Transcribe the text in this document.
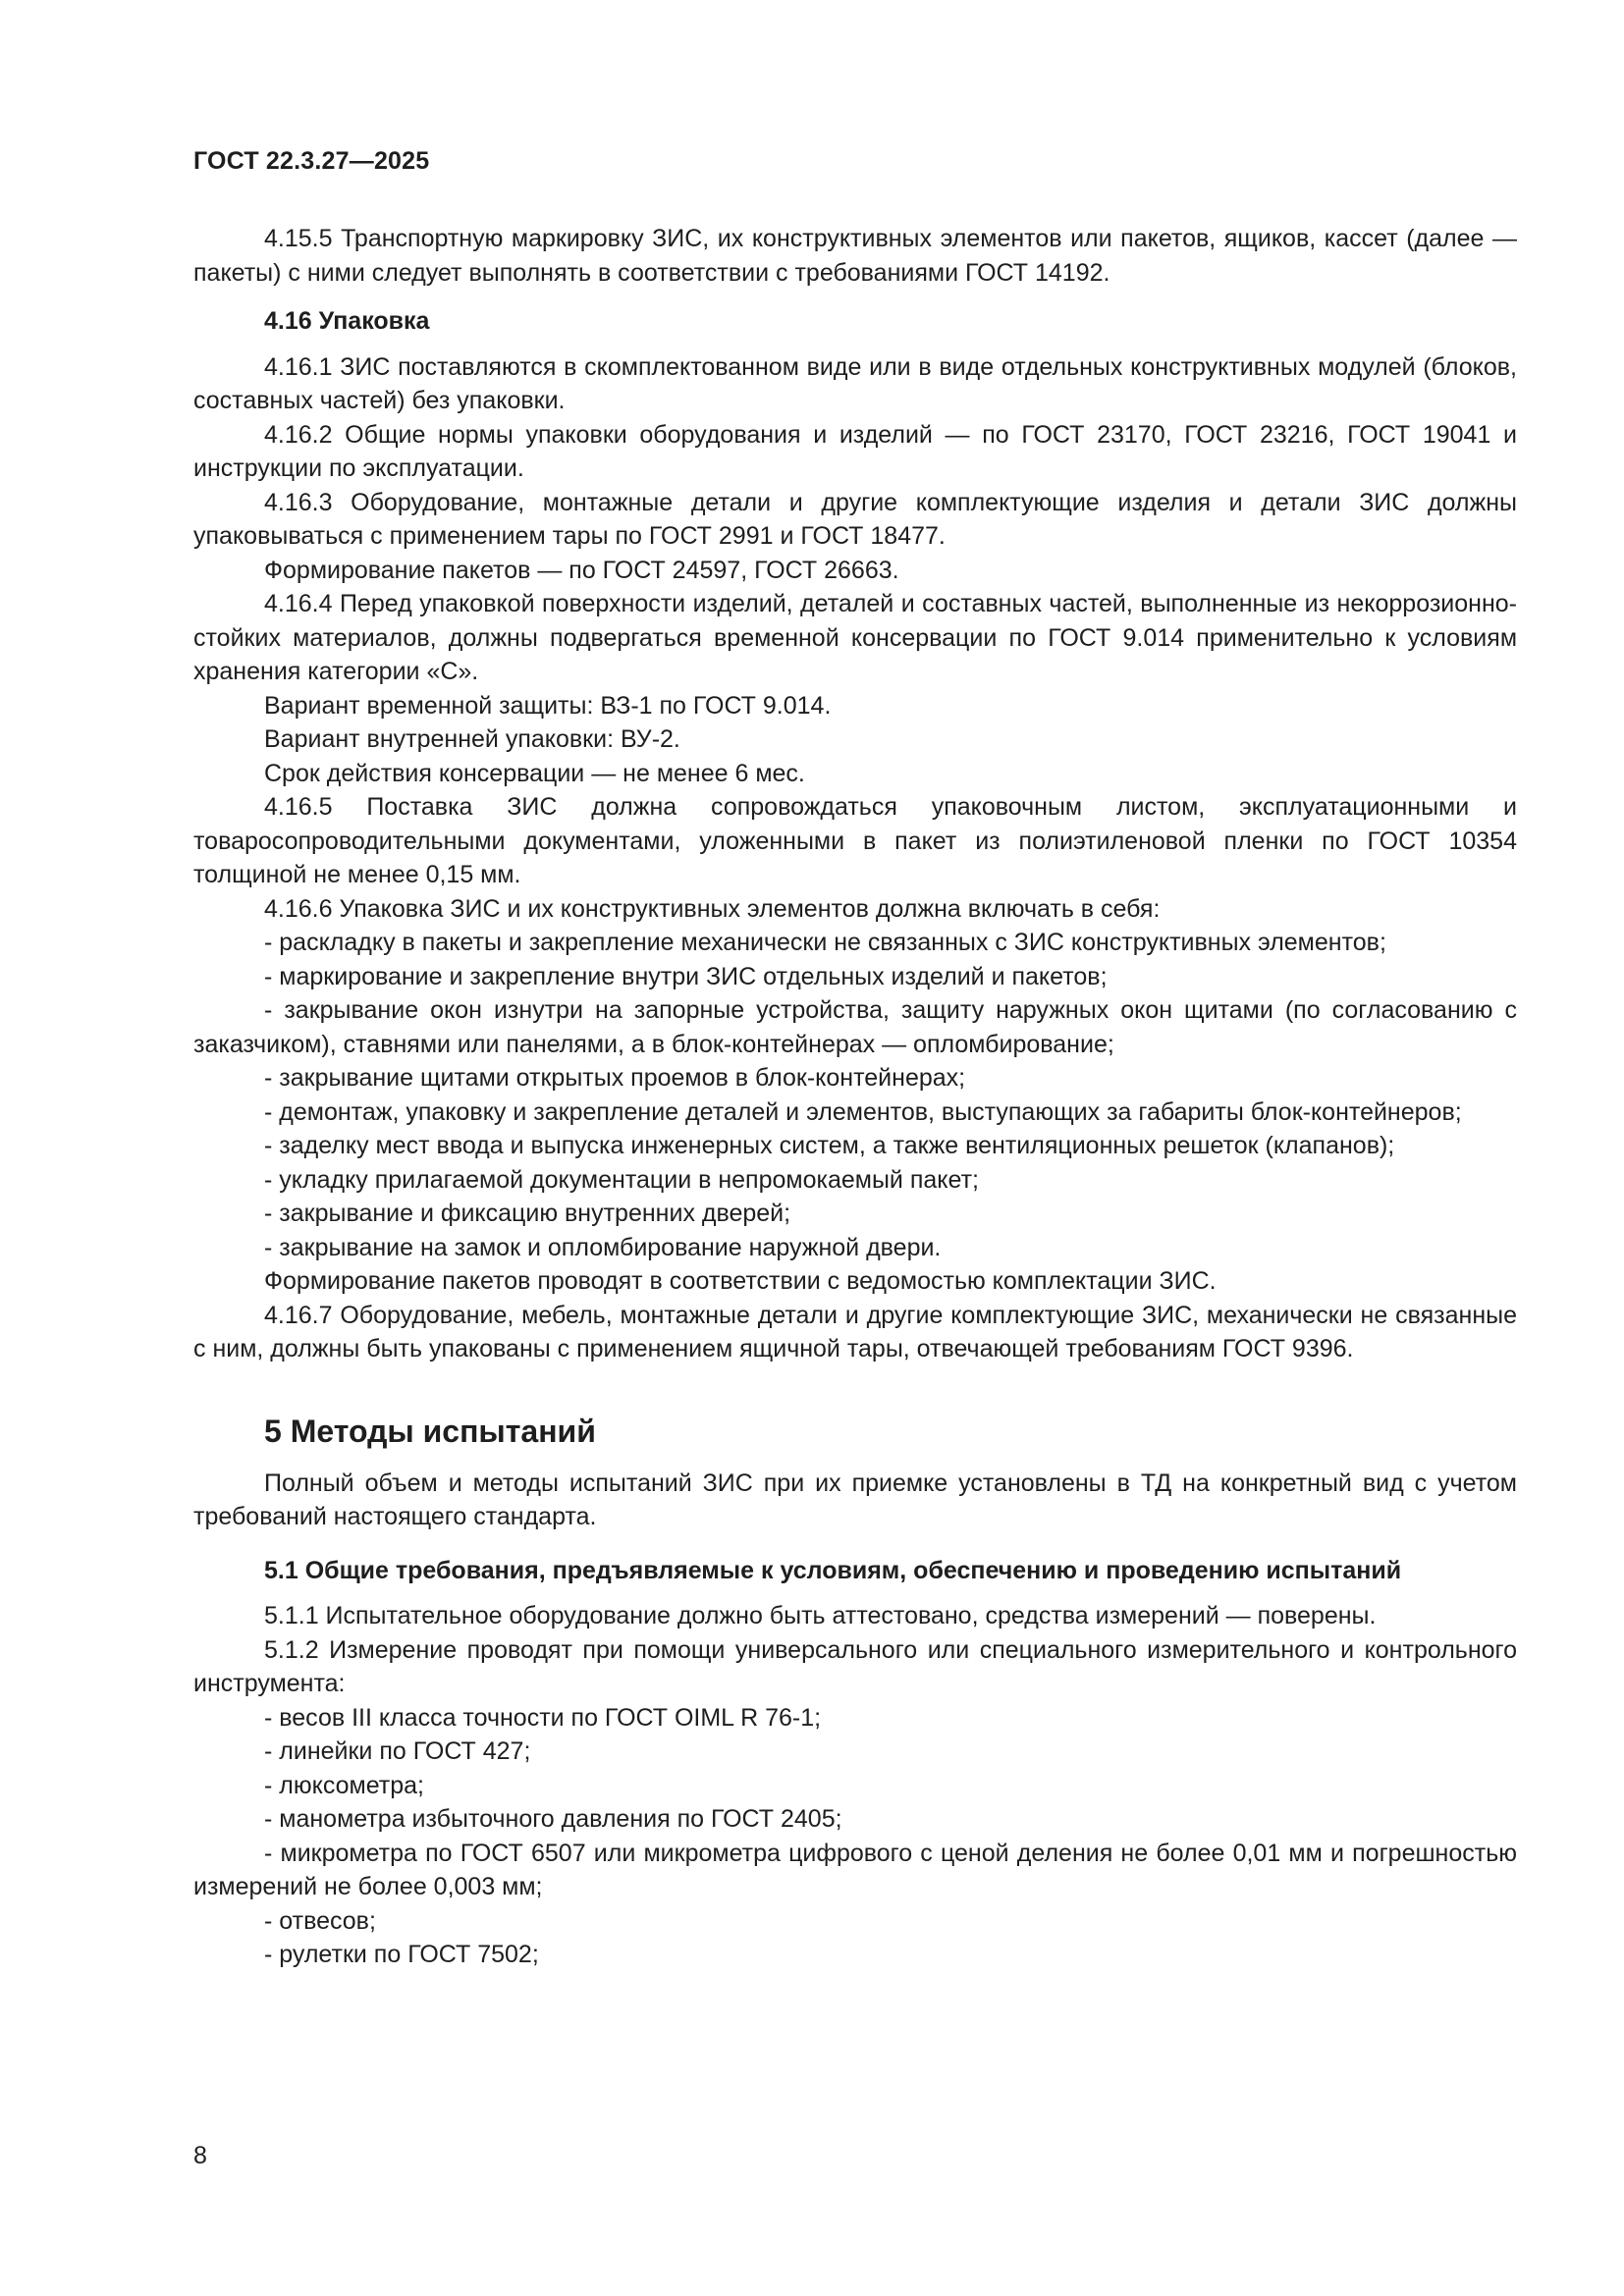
ГОСТ 22.3.27—2025

4.15.5 Транспортную маркировку ЗИС, их конструктивных элементов или пакетов, ящиков, кассет (далее — пакеты) с ними следует выполнять в соответствии с требованиями ГОСТ 14192.

4.16 Упаковка

4.16.1 ЗИС поставляются в скомплектованном виде или в виде отдельных конструктивных модулей (блоков, составных частей) без упаковки.

4.16.2 Общие нормы упаковки оборудования и изделий — по ГОСТ 23170, ГОСТ 23216, ГОСТ 19041 и инструкции по эксплуатации.

4.16.3 Оборудование, монтажные детали и другие комплектующие изделия и детали ЗИС должны упаковываться с применением тары по ГОСТ 2991 и ГОСТ 18477.

Формирование пакетов — по ГОСТ 24597, ГОСТ 26663.

4.16.4 Перед упаковкой поверхности изделий, деталей и составных частей, выполненные из некоррозионно-стойких материалов, должны подвергаться временной консервации по ГОСТ 9.014 применительно к условиям хранения категории «С».

Вариант временной защиты: ВЗ-1 по ГОСТ 9.014.

Вариант внутренней упаковки: ВУ-2.

Срок действия консервации — не менее 6 мес.

4.16.5 Поставка ЗИС должна сопровождаться упаковочным листом, эксплуатационными и товаросопроводительными документами, уложенными в пакет из полиэтиленовой пленки по ГОСТ 10354 толщиной не менее 0,15 мм.

4.16.6 Упаковка ЗИС и их конструктивных элементов должна включать в себя:

- раскладку в пакеты и закрепление механически не связанных с ЗИС конструктивных элементов;

- маркирование и закрепление внутри ЗИС отдельных изделий и пакетов;

- закрывание окон изнутри на запорные устройства, защиту наружных окон щитами (по согласованию с заказчиком), ставнями или панелями, а в блок-контейнерах — опломбирование;

- закрывание щитами открытых проемов в блок-контейнерах;

- демонтаж, упаковку и закрепление деталей и элементов, выступающих за габариты блок-контейнеров;

- заделку мест ввода и выпуска инженерных систем, а также вентиляционных решеток (клапанов);

- укладку прилагаемой документации в непромокаемый пакет;

- закрывание и фиксацию внутренних дверей;

- закрывание на замок и опломбирование наружной двери.

Формирование пакетов проводят в соответствии с ведомостью комплектации ЗИС.

4.16.7 Оборудование, мебель, монтажные детали и другие комплектующие ЗИС, механически не связанные с ним, должны быть упакованы с применением ящичной тары, отвечающей требованиям ГОСТ 9396.

5 Методы испытаний

Полный объем и методы испытаний ЗИС при их приемке установлены в ТД на конкретный вид с учетом требований настоящего стандарта.

5.1 Общие требования, предъявляемые к условиям, обеспечению и проведению испытаний

5.1.1 Испытательное оборудование должно быть аттестовано, средства измерений — поверены.

5.1.2 Измерение проводят при помощи универсального или специального измерительного и контрольного инструмента:

- весов III класса точности по ГОСТ OIML R 76-1;

- линейки по ГОСТ 427;

- люксометра;

- манометра избыточного давления по ГОСТ 2405;

- микрометра по ГОСТ 6507 или микрометра цифрового с ценой деления не более 0,01 мм и погрешностью измерений не более 0,003 мм;

- отвесов;

- рулетки по ГОСТ 7502;

8
